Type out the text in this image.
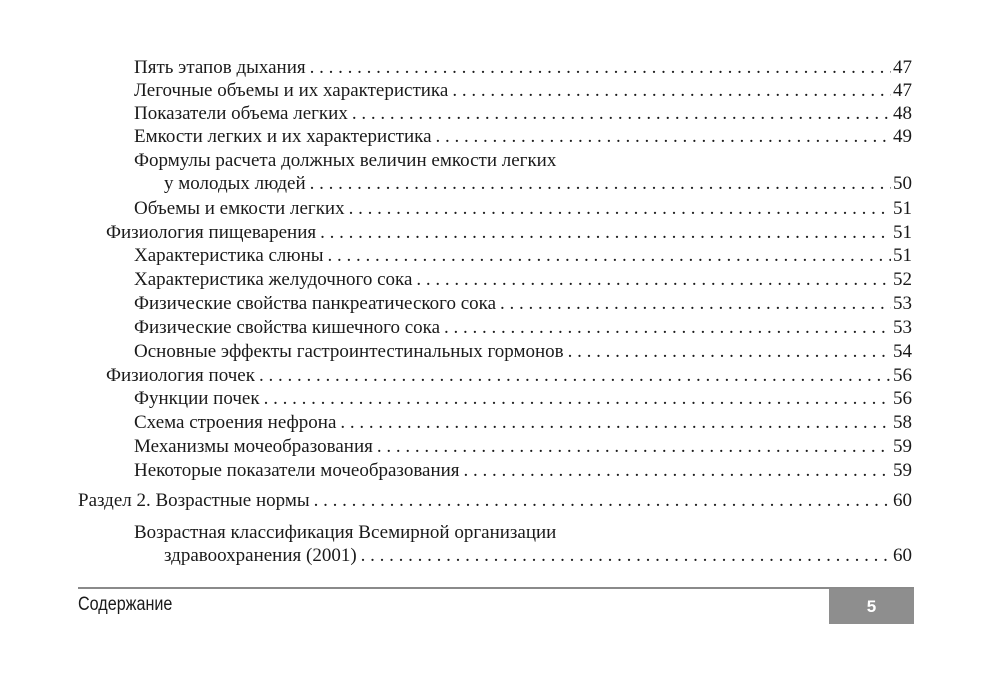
Пять этапов дыхания . . .	47
Легочные объемы и их характеристика . . .	47
Показатели объема легких . . .	48
Емкости легких и их характеристика . . .	49
Формулы расчета должных величин емкости легких
у молодых людей . . .	50
Объемы и емкости легких . . .	51
Физиология пищеварения . . .	51
Характеристика слюны . . .	51
Характеристика желудочного сока . . .	52
Физические свойства панкреатического сока . . .	53
Физические свойства кишечного сока . . .	53
Основные эффекты гастроинтестинальных гормонов . . .	54
Физиология почек . . .	56
Функции почек . . .	56
Схема строения нефрона . . .	58
Механизмы мочеобразования . . .	59
Некоторые показатели мочеобразования . . .	59
Раздел 2. Возрастные нормы . . .	60
Возрастная классификация Всемирной организации
здравоохранения (2001) . . .	60
Содержание	5
